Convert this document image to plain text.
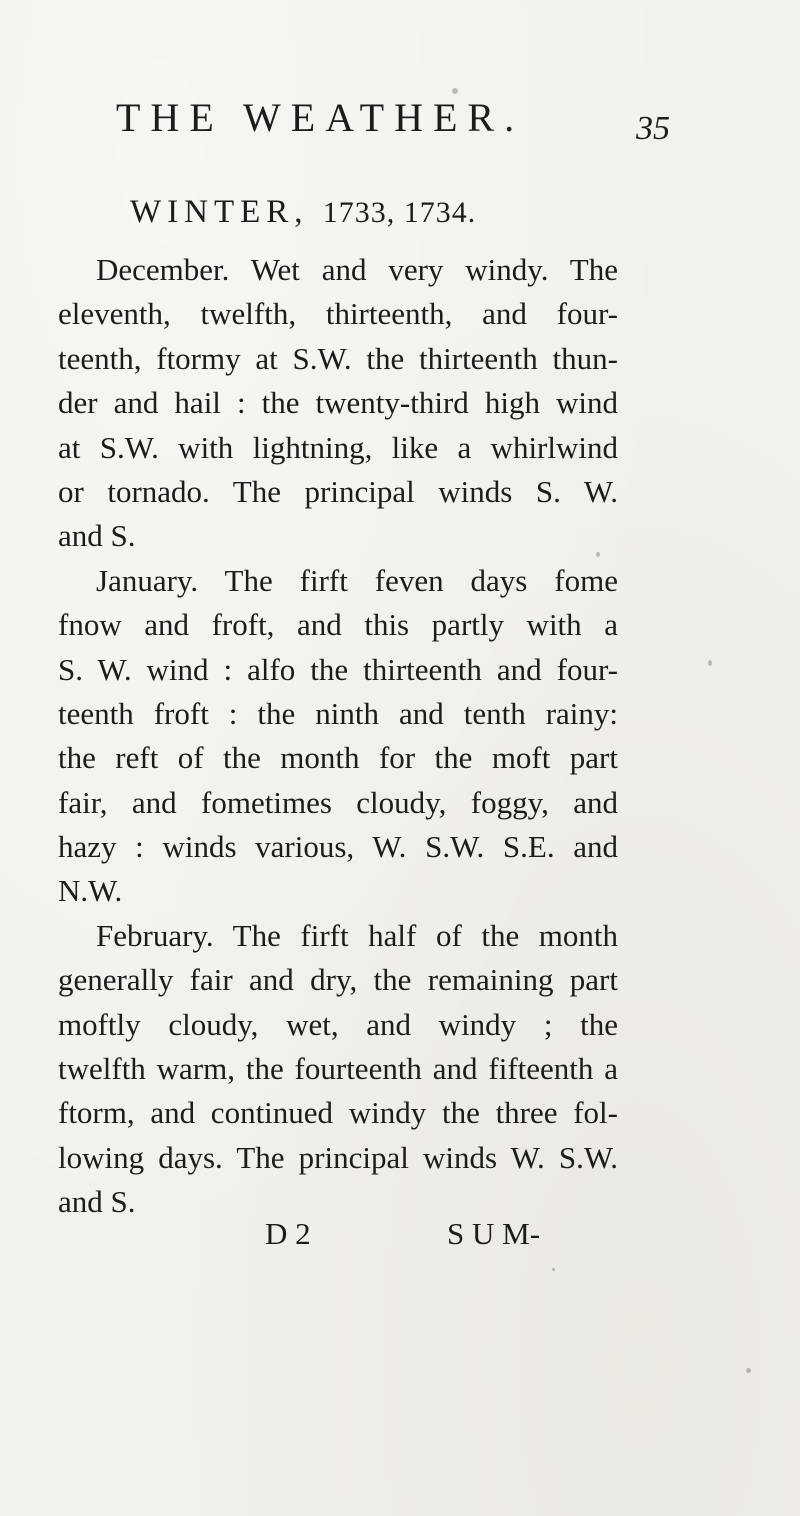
THE WEATHER.	35
WINTER, 1733, 1734.
December. Wet and very windy. The
eleventh, twelfth, thirteenth, and four-
teenth, ftormy at S.W. the thirteenth thun-
der and hail : the twenty-third high wind
at S.W. with lightning, like a whirlwind
or tornado. The principal winds S. W.
and S.
January. The firft feven days fome
fnow and froft, and this partly with a
S. W. wind : alfo the thirteenth and four-
teenth froft : the ninth and tenth rainy:
the reft of the month for the moft part
fair, and fometimes cloudy, foggy, and
hazy : winds various, W. S.W. S.E. and
N.W.
February. The firft half of the month
generally fair and dry, the remaining part
moftly cloudy, wet, and windy ; the
twelfth warm, the fourteenth and fifteenth a
ftorm, and continued windy the three fol-
lowing days. The principal winds W. S.W.
and S.
D 2	S U M-
